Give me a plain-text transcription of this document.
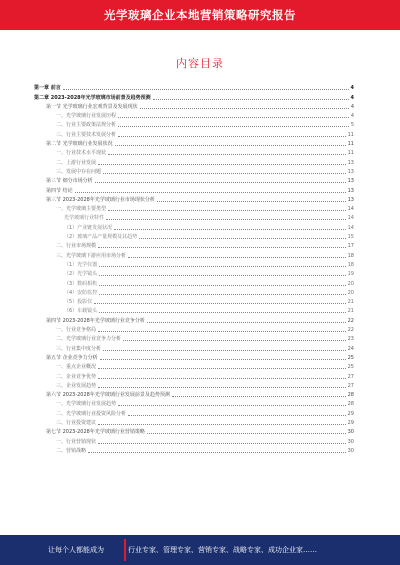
光学玻璃企业本地营销策略研究报告
内容目录
第一章 前言	4
第二章 2023-2028年光学玻璃市场前景及趋势预测	4
第一节 光学玻璃行业宏观背景及发展现状	4
一、光学玻璃行业发展历程	4
二、行业主要政策法规分析	5
三、行业主要技术发展分析	11
第二节 光学玻璃行业发展状况	11
一、行业技术水平现状	11
二、上游行业发展	13
三、发展中存在问题	13
第三节 细分市场分析	13
第四节 结论	13
第三节 2023-2028年光学玻璃行业市场现状分析	13
一、光学玻璃主要类型	14
光学玻璃行业特性	14
（1）产业链发展状况	14
（2）玻璃产品产量规模及其趋势	15
二、行业市场规模	17
三、光学玻璃下游应用市场分析	18
（1）光学仪器	18
（2）光学镜头	19
（3）数码相机	20
（4）安防监控	20
（5）投影仪	21
（6）车载镜头	21
第四节 2023-2028年光学玻璃行业竞争分析	22
一、行业竞争格局	22
二、光学玻璃行业竞争力分析	23
三、行业集中度分析	24
第五节 企业竞争力分析	25
一、重点企业概况	25
二、企业竞争优势	27
三、企业发展趋势	27
第六节 2023-2028年光学玻璃行业发展前景及趋势预测	28
一、光学玻璃行业发展趋势	28
二、光学玻璃行业投资风险分析	29
三、行业投资建议	29
第七节 2023-2028年光学玻璃行业营销策略	30
一、行业营销现状	30
二、营销战略	30
让每个人都能成为	行业专家、管理专家、营销专家、战略专家、成功企业家……
